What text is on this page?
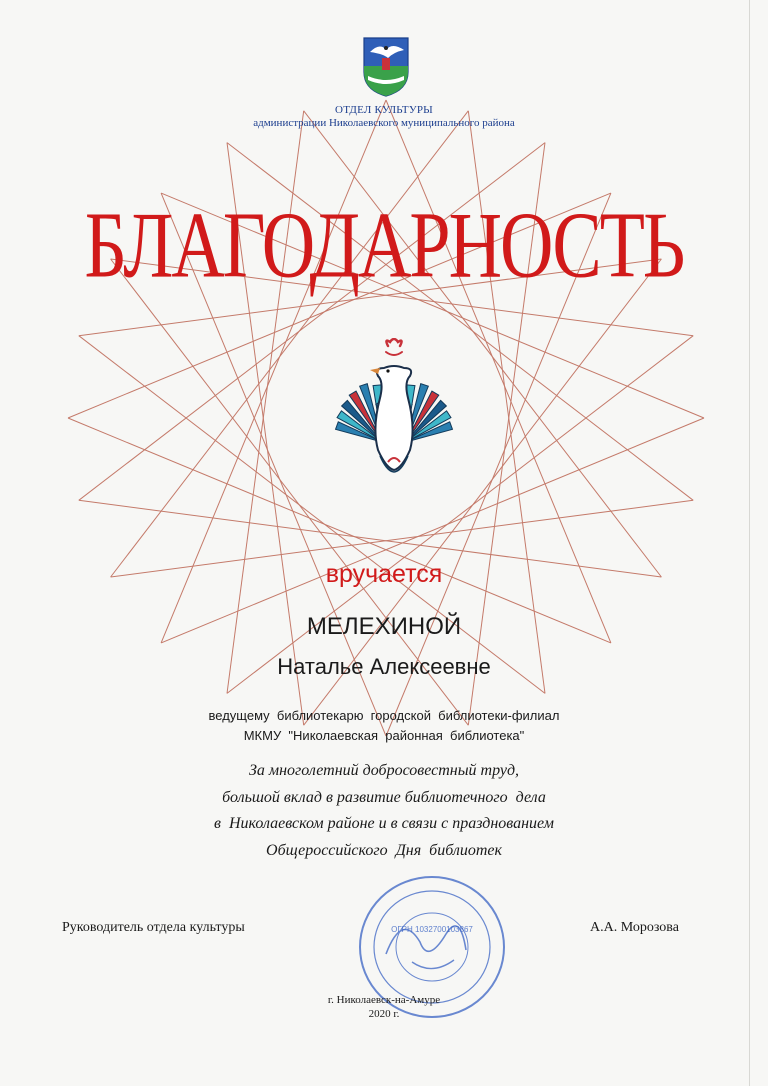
ОТДЕЛ КУЛЬТУРЫ
администрации Николаевского муниципального района
БЛАГОДАРНОСТЬ
вручается
МЕЛЕХИНОЙ
Наталье Алексеевне
ведущему  библиотекарю  городской  библиотеки-филиал
МКМУ  "Николаевская  районная  библиотека"
За многолетний добросовестный труд,
большой вклад в развитие библиотечного  дела
в  Николаевском районе и в связи с празднованием
Общероссийского  Дня  библиотек
Руководитель отдела культуры	А.А. Морозова
ОГРН 1032700103867
г. Николаевск-на-Амуре
2020 г.
